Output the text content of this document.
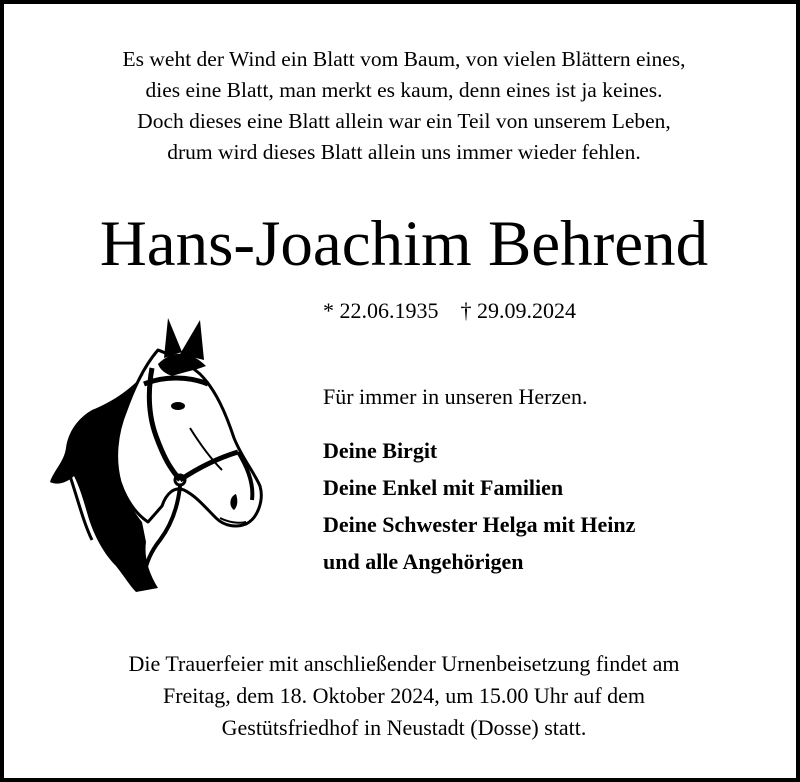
Es weht der Wind ein Blatt vom Baum, von vielen Blättern eines,
dies eine Blatt, man merkt es kaum, denn eines ist ja keines.
Doch dieses eine Blatt allein war ein Teil von unserem Leben,
drum wird dieses Blatt allein uns immer wieder fehlen.
Hans-Joachim Behrend
* 22.06.1935 † 29.09.2024
Für immer in unseren Herzen.
Deine Birgit
Deine Enkel mit Familien
Deine Schwester Helga mit Heinz
und alle Angehörigen
Die Trauerfeier mit anschließender Urnenbeisetzung findet am
Freitag, dem 18. Oktober 2024, um 15.00 Uhr auf dem
Gestütsfriedhof in Neustadt (Dosse) statt.
